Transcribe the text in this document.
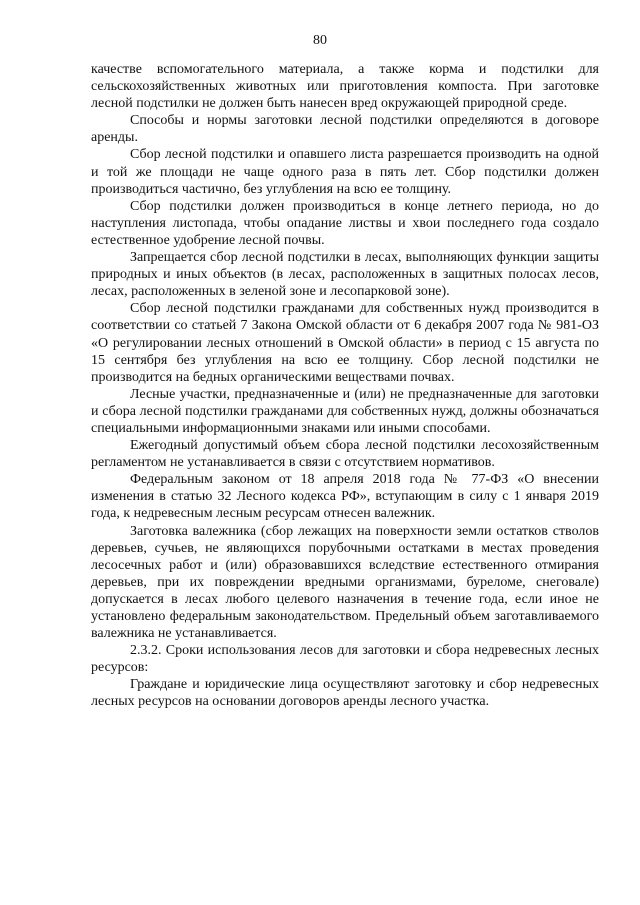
80

качестве вспомогательного материала, а также корма и подстилки для сельскохозяйственных животных или приготовления компоста. При заготовке лесной подстилки не должен быть нанесен вред окружающей природной среде.

Способы и нормы заготовки лесной подстилки определяются в договоре аренды.

Сбор лесной подстилки и опавшего листа разрешается производить на одной и той же площади не чаще одного раза в пять лет. Сбор подстилки должен производиться частично, без углубления на всю ее толщину.

Сбор подстилки должен производиться в конце летнего периода, но до наступления листопада, чтобы опадание листвы и хвои последнего года создало естественное удобрение лесной почвы.

Запрещается сбор лесной подстилки в лесах, выполняющих функции защиты природных и иных объектов (в лесах, расположенных в защитных полосах лесов, лесах, расположенных в зеленой зоне и лесопарковой зоне).

Сбор лесной подстилки гражданами для собственных нужд производится в соответствии со статьей 7 Закона Омской области от 6 декабря 2007 года № 981-ОЗ «О регулировании лесных отношений в Омской области» в период с 15 августа по 15 сентября без углубления на всю ее толщину. Сбор лесной подстилки не производится на бедных органическими веществами почвах.

Лесные участки, предназначенные и (или) не предназначенные для заготовки и сбора лесной подстилки гражданами для собственных нужд, должны обозначаться специальными информационными знаками или иными способами.

Ежегодный допустимый объем сбора лесной подстилки лесохозяйственным регламентом не устанавливается в связи с отсутствием нормативов.

Федеральным законом от 18 апреля 2018 года № 77-ФЗ «О внесении изменения в статью 32 Лесного кодекса РФ», вступающим в силу с 1 января 2019 года, к недревесным лесным ресурсам отнесен валежник.

Заготовка валежника (сбор лежащих на поверхности земли остатков стволов деревьев, сучьев, не являющихся порубочными остатками в местах проведения лесосечных работ и (или) образовавшихся вследствие естественного отмирания деревьев, при их повреждении вредными организмами, буреломе, снеговале) допускается в лесах любого целевого назначения в течение года, если иное не установлено федеральным законодательством. Предельный объем заготавливаемого валежника не устанавливается.

2.3.2. Сроки использования лесов для заготовки и сбора недревесных лесных ресурсов:

Граждане и юридические лица осуществляют заготовку и сбор недревесных лесных ресурсов на основании договоров аренды лесного участка.
